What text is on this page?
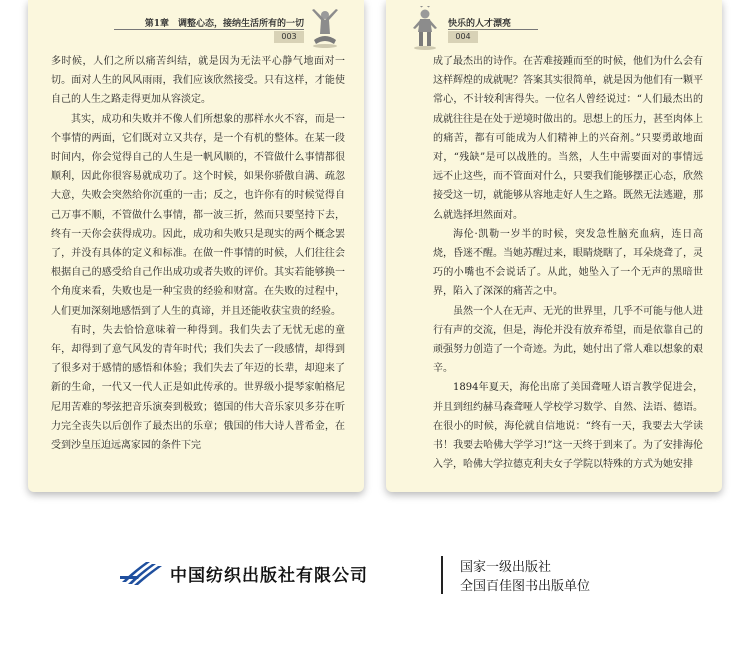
第1章　调整心态，接纳生活所有的一切
003

多时候，人们之所以痛苦纠结，就是因为无法平心静气地面对一切。面对人生的风风雨雨，我们应该欣然接受。只有这样，才能使自己的人生之路走得更加从容淡定。

其实，成功和失败并不像人们所想象的那样水火不容，而是一个事情的两面，它们既对立又共存，是一个有机的整体。在某一段时间内，你会觉得自己的人生是一帆风顺的，不管做什么事情都很顺利，因此你很容易就成功了。这个时候，如果你骄傲自满、疏忽大意，失败会突然给你沉重的一击；反之，也许你有的时候觉得自己万事不顺，不管做什么事情，都一波三折，然而只要坚持下去，终有一天你会获得成功。因此，成功和失败只是现实的两个概念罢了，并没有具体的定义和标准。在做一件事情的时候，人们往往会根据自己的感受给自己作出成功或者失败的评价。其实若能够换一个角度来看，失败也是一种宝贵的经验和财富。在失败的过程中，人们更加深刻地感悟到了人生的真谛，并且还能收获宝贵的经验。

有时，失去恰恰意味着一种得到。我们失去了无忧无虑的童年，却得到了意气风发的青年时代；我们失去了一段感情，却得到了很多对于感情的感悟和体验；我们失去了年迈的长辈，却迎来了新的生命，一代又一代人正是如此传承的。世界级小提琴家帕格尼尼用苦难的琴弦把音乐演奏到极致；德国的伟大音乐家贝多芬在听力完全丧失以后创作了最杰出的乐章；俄国的伟大诗人普希金，在受到沙皇压迫远离家园的条件下完

快乐的人才漂亮
004

成了最杰出的诗作。在苦难接踵而至的时候，他们为什么会有这样辉煌的成就呢？答案其实很简单，就是因为他们有一颗平常心，不计较利害得失。一位名人曾经说过：“人们最杰出的成就往往是在处于逆境时做出的。思想上的压力，甚至肉体上的痛苦，都有可能成为人们精神上的兴奋剂。”只要勇敢地面对，“残缺”是可以战胜的。当然，人生中需要面对的事情远远不止这些，而不管面对什么，只要我们能够摆正心态，欣然接受这一切，就能够从容地走好人生之路。既然无法逃避，那么就选择坦然面对。

海伦·凯勒一岁半的时候，突发急性脑充血病，连日高烧，昏迷不醒。当她苏醒过来，眼睛烧瞎了，耳朵烧聋了，灵巧的小嘴也不会说话了。从此，她坠入了一个无声的黑暗世界，陷入了深深的痛苦之中。

虽然一个人在无声、无光的世界里，几乎不可能与他人进行有声的交流，但是，海伦并没有放弃希望，而是依靠自己的顽强努力创造了一个奇迹。为此，她付出了常人难以想象的艰辛。

1894年夏天，海伦出席了美国聋哑人语言教学促进会，并且到纽约赫马森聋哑人学校学习数学、自然、法语、德语。在很小的时候，海伦就自信地说：“终有一天，我要去大学读书！我要去哈佛大学学习!”这一天终于到来了。为了安排海伦入学，哈佛大学拉德克利夫女子学院以特殊的方式为她安排

中国纺织出版社有限公司	国家一级出版社
全国百佳图书出版单位
